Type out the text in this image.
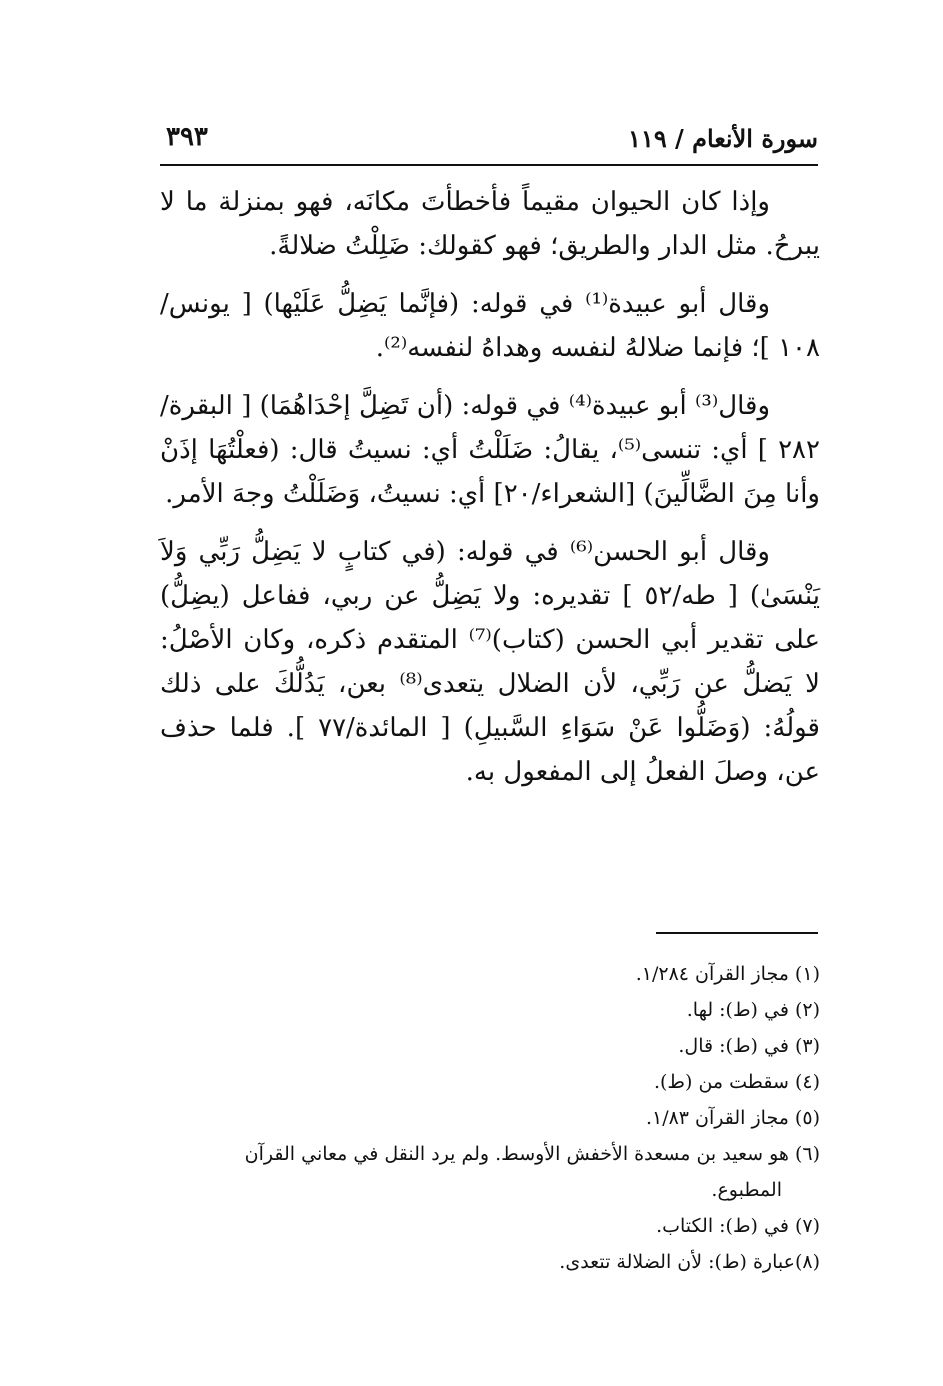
سورة الأنعام / ١١٩
٣٩٣

وإذا كان الحيوان مقيماً فأخطأتَ مكانَه، فهو بمنزلة ما لا يبرحُ. مثل الدار والطريق؛ فهو كقولك: ضَلِلْتُ ضلالةً.

وقال أبو عبيدة⁽¹⁾ في قوله: (فإنَّما يَضِلُّ عَلَيْها) [ يونس/١٠٨ ]؛ فإنما ضلالهُ لنفسه وهداهُ لنفسه⁽²⁾.

وقال⁽³⁾ أبو عبيدة⁽⁴⁾ في قوله: (أن تَضِلَّ إحْدَاهُمَا) [ البقرة/٢٨٢ ] أي: تنسى⁽⁵⁾، يقالُ: ضَلَلْتُ أي: نسيتُ قال: (فعلْتُهَا إذَنْ وأنا مِنَ الضَّالِّينَ) [الشعراء/٢٠] أي: نسيتُ، وَضَلَلْتُ وجهَ الأمر.

وقال أبو الحسن⁽⁶⁾ في قوله: (في كتابٍ لا يَضِلُّ رَبِّي وَلاَ يَنْسَىٰ) [ طه/٥٢ ] تقديره: ولا يَضِلُّ عن ربي، ففاعل (يضِلُّ) على تقدير أبي الحسن (كتاب)⁽⁷⁾ المتقدم ذكره، وكان الأصْلُ: لا يَضلُّ عن رَبِّي، لأن الضلال يتعدى⁽⁸⁾ بعن، يَدُلُّكَ على ذلك قولُهُ: (وَضَلُّوا عَنْ سَوَاءِ السَّبيلِ) [ المائدة/٧٧ ]. فلما حذف عن، وصلَ الفعلُ إلى المفعول به.

(١) مجاز القرآن ١/٢٨٤.

(٢) في (ط): لها.

(٣) في (ط): قال.

(٤) سقطت من (ط).

(٥) مجاز القرآن ١/٨٣.

(٦) هو سعيد بن مسعدة الأخفش الأوسط. ولم يرد النقل في معاني القرآن

المطبوع.

(٧) في (ط): الكتاب.

(٨)عبارة (ط): لأن الضلالة تتعدى.
